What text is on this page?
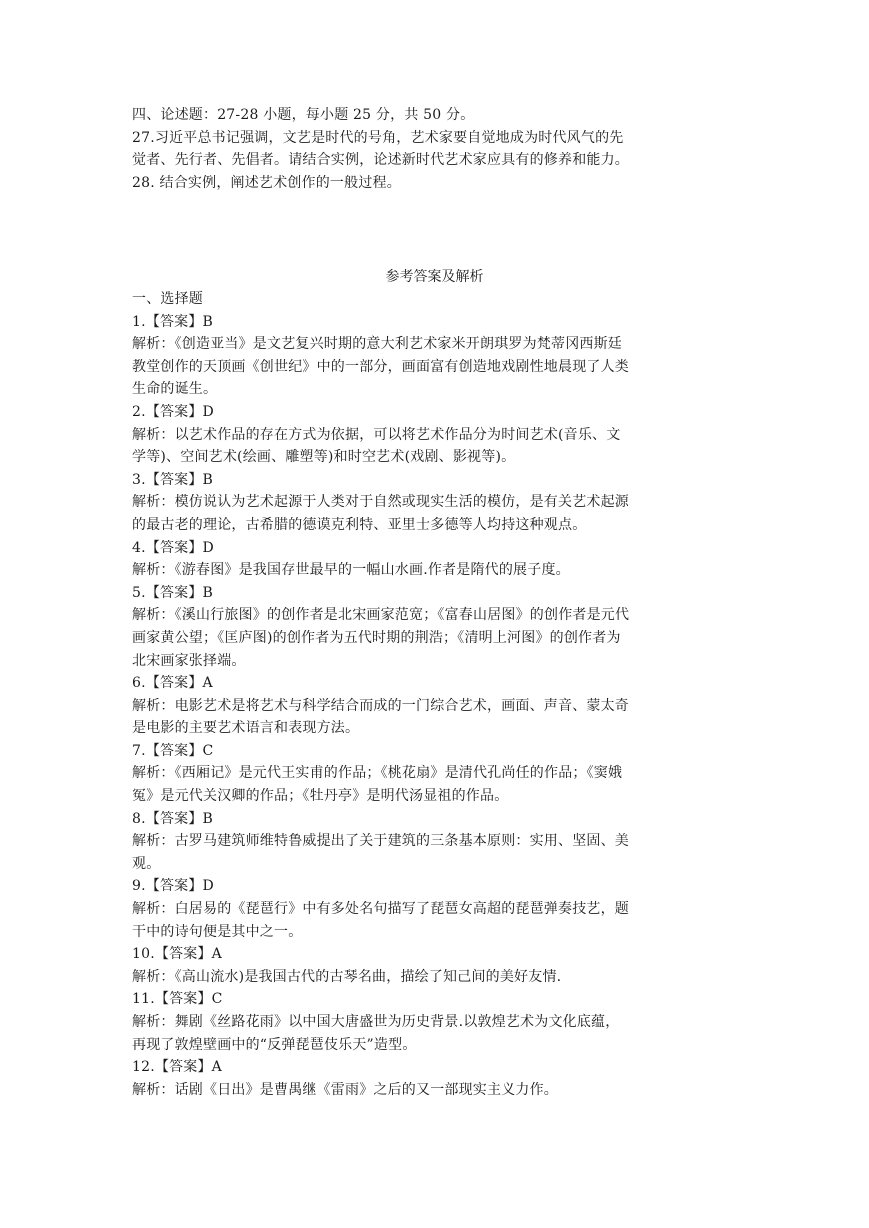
四、论述题：27-28 小题，每小题 25 分，共 50 分。
27.习近平总书记强调，文艺是时代的号角，艺术家要自觉地成为时代风气的先
觉者、先行者、先倡者。请结合实例，论述新时代艺术家应具有的修养和能力。
28. 结合实例，阐述艺术创作的一般过程。
参考答案及解析
一、选择题
1.【答案】B
解析：《创造亚当》是文艺复兴时期的意大利艺术家米开朗琪罗为梵蒂冈西斯廷
教堂创作的天顶画《创世纪》中的一部分，画面富有创造地戏剧性地晨现了人类
生命的诞生。
2.【答案】D
解析：以艺术作品的存在方式为依据，可以将艺术作品分为时间艺术(音乐、文
学等)、空间艺术(绘画、雕塑等)和时空艺术(戏剧、影视等)。
3.【答案】B
解析：模仿说认为艺术起源于人类对于自然或现实生活的模仿，是有关艺术起源
的最古老的理论，古希腊的德谟克利特、亚里士多德等人均持这种观点。
4.【答案】D
解析：《游春图》是我国存世最早的一幅山水画.作者是隋代的展子度。
5.【答案】B
解析：《溪山行旅图》的创作者是北宋画家范宽；《富春山居图》的创作者是元代
画家黄公望；《匡庐图)的创作者为五代时期的荆浩；《清明上河图》的创作者为
北宋画家张择端。
6.【答案】A
解析：电影艺术是将艺术与科学结合而成的一门综合艺术，画面、声音、蒙太奇
是电影的主要艺术语言和表现方法。
7.【答案】C
解析：《西厢记》是元代王实甫的作品；《桃花扇》是清代孔尚任的作品；《窦娥
冤》是元代关汉卿的作品；《牡丹亭》是明代汤显祖的作品。
8.【答案】B
解析：古罗马建筑师维特鲁威提出了关于建筑的三条基本原则：实用、坚固、美
观。
9.【答案】D
解析：白居易的《琵琶行》中有多处名句描写了琵琶女高超的琵琶弹奏技艺，题
干中的诗句便是其中之一。
10.【答案】A
解析：《高山流水)是我国古代的古琴名曲，描绘了知己间的美好友情.
11.【答案】C
解析：舞剧《丝路花雨》以中国大唐盛世为历史背景.以敦煌艺术为文化底蕴，
再现了敦煌壁画中的“反弹琵琶伎乐天”造型。
12.【答案】A
解析：话剧《日出》是曹禺继《雷雨》之后的又一部现实主义力作。
